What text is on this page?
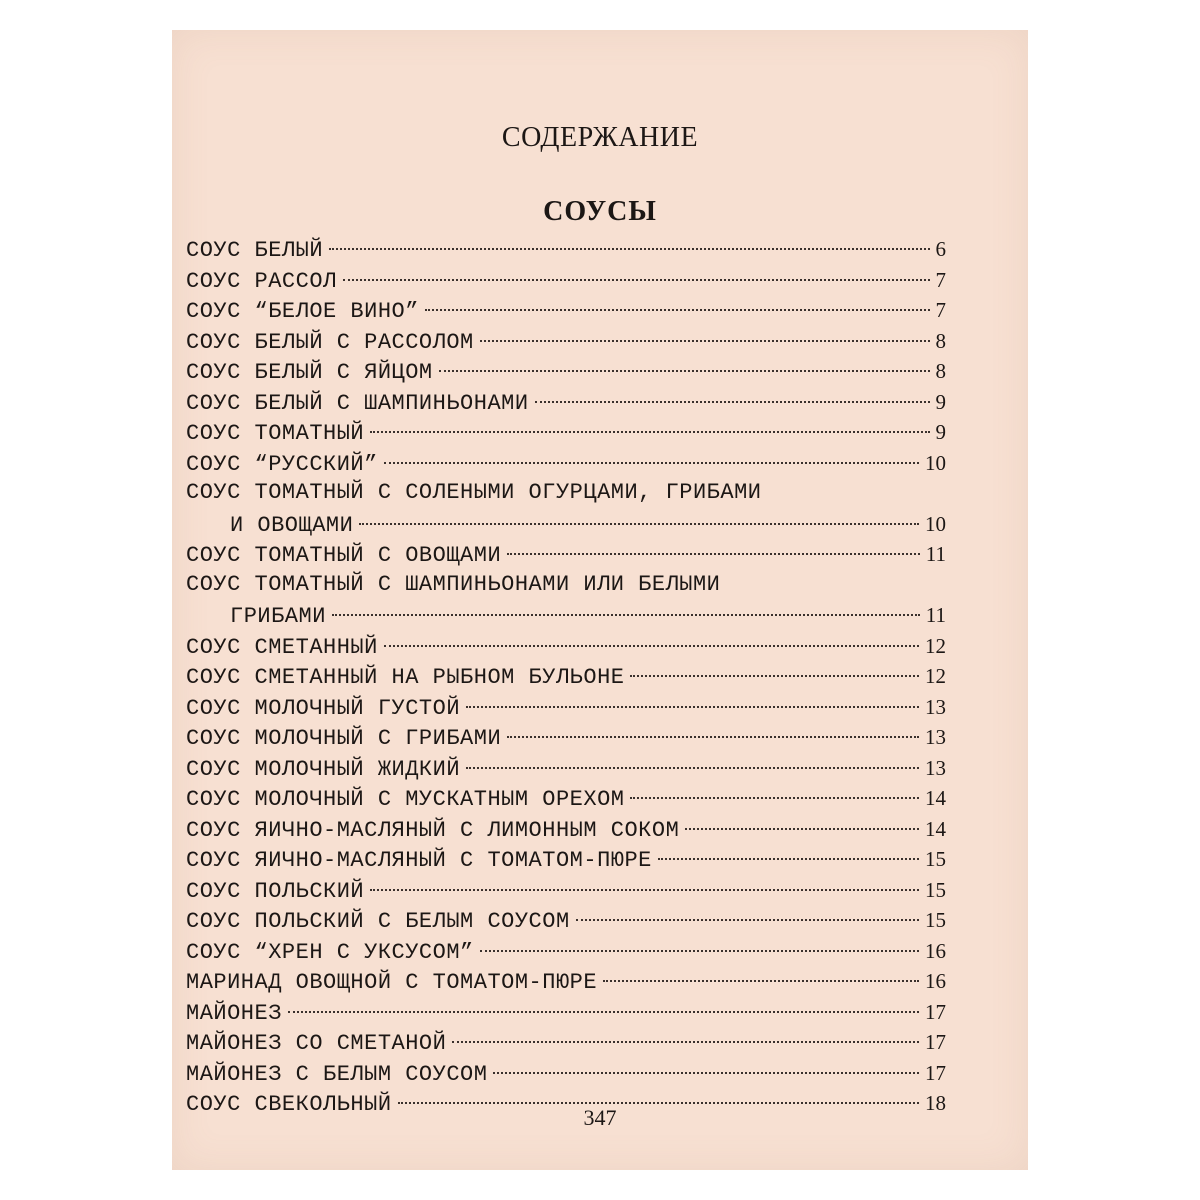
СОДЕРЖАНИЕ
СОУСЫ
СОУС БЕЛЫЙ	6
СОУС РАССОЛ	7
СОУС “БЕЛОЕ ВИНО”	7
СОУС БЕЛЫЙ С РАССОЛОМ	8
СОУС БЕЛЫЙ С ЯЙЦОМ	8
СОУС БЕЛЫЙ С ШАМПИНЬОНАМИ	9
СОУС ТОМАТНЫЙ	9
СОУС “РУССКИЙ”	10
СОУС ТОМАТНЫЙ С СОЛЕНЫМИ ОГУРЦАМИ, ГРИБАМИ
И ОВОЩАМИ	10
СОУС ТОМАТНЫЙ С ОВОЩАМИ	11
СОУС ТОМАТНЫЙ С ШАМПИНЬОНАМИ ИЛИ БЕЛЫМИ
ГРИБАМИ	11
СОУС СМЕТАННЫЙ	12
СОУС СМЕТАННЫЙ НА РЫБНОМ БУЛЬОНЕ	12
СОУС МОЛОЧНЫЙ ГУСТОЙ	13
СОУС МОЛОЧНЫЙ С ГРИБАМИ	13
СОУС МОЛОЧНЫЙ ЖИДКИЙ	13
СОУС МОЛОЧНЫЙ С МУСКАТНЫМ ОРЕХОМ	14
СОУС ЯИЧНО-МАСЛЯНЫЙ С ЛИМОННЫМ СОКОМ	14
СОУС ЯИЧНО-МАСЛЯНЫЙ С ТОМАТОМ-ПЮРЕ	15
СОУС ПОЛЬСКИЙ	15
СОУС ПОЛЬСКИЙ С БЕЛЫМ СОУСОМ	15
СОУС “ХРЕН С УКСУСОМ”	16
МАРИНАД ОВОЩНОЙ С ТОМАТОМ-ПЮРЕ	16
МАЙОНЕЗ	17
МАЙОНЕЗ СО СМЕТАНОЙ	17
МАЙОНЕЗ С БЕЛЫМ СОУСОМ	17
СОУС СВЕКОЛЬНЫЙ	18
347
